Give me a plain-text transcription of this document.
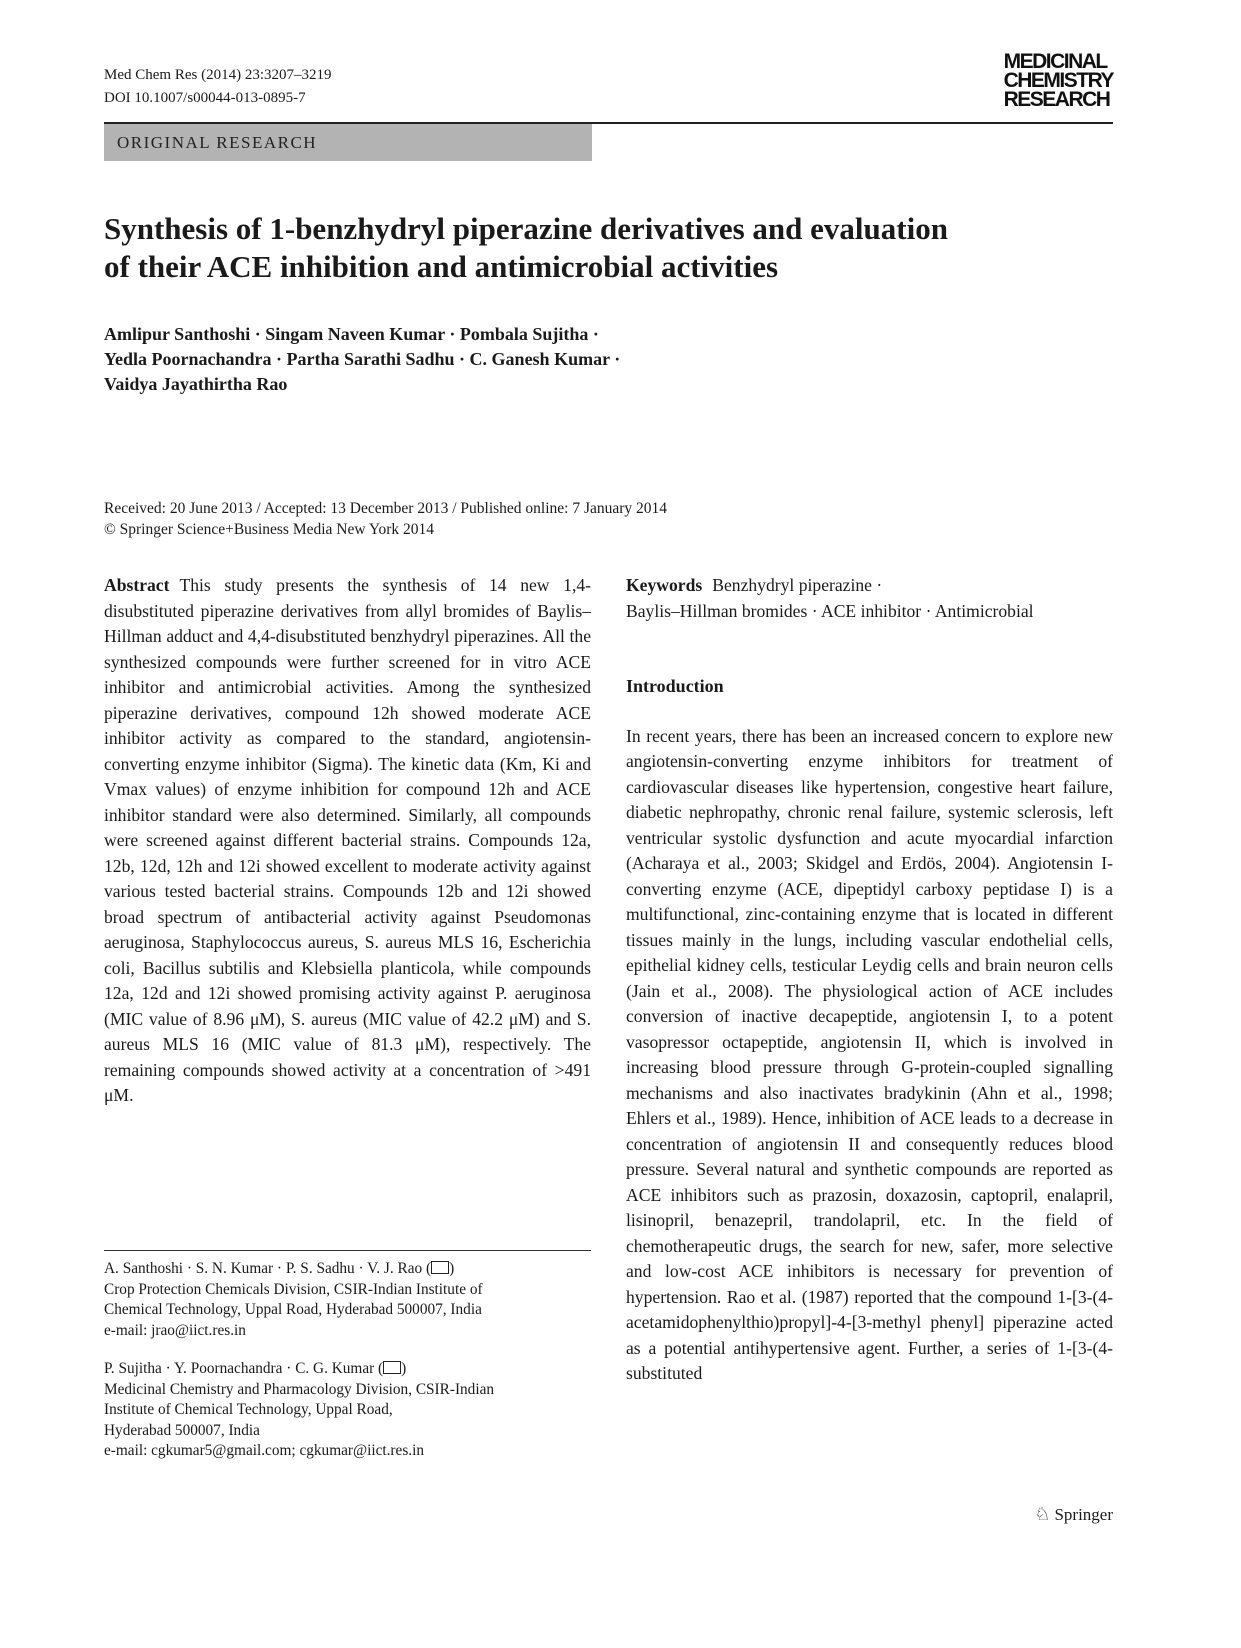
Med Chem Res (2014) 23:3207–3219
DOI 10.1007/s00044-013-0895-7
MEDICINAL
CHEMISTRY
RESEARCH
ORIGINAL RESEARCH
Synthesis of 1-benzhydryl piperazine derivatives and evaluation
of their ACE inhibition and antimicrobial activities
Amlipur Santhoshi · Singam Naveen Kumar · Pombala Sujitha ·
Yedla Poornachandra · Partha Sarathi Sadhu · C. Ganesh Kumar ·
Vaidya Jayathirtha Rao
Received: 20 June 2013 / Accepted: 13 December 2013 / Published online: 7 January 2014
© Springer Science+Business Media New York 2014

Abstract This study presents the synthesis of 14 new 1,4-disubstituted piperazine derivatives from allyl bromides of Baylis–Hillman adduct and 4,4-disubstituted benzhydryl piperazines. All the synthesized compounds were further screened for in vitro ACE inhibitor and antimicrobial activities. Among the synthesized piperazine derivatives, compound 12h showed moderate ACE inhibitor activity as compared to the standard, angiotensin-converting enzyme inhibitor (Sigma). The kinetic data (Km, Ki and Vmax values) of enzyme inhibition for compound 12h and ACE inhibitor standard were also determined. Similarly, all compounds were screened against different bacterial strains. Compounds 12a, 12b, 12d, 12h and 12i showed excellent to moderate activity against various tested bacterial strains. Compounds 12b and 12i showed broad spectrum of antibacterial activity against Pseudomonas aeruginosa, Staphylococcus aureus, S. aureus MLS 16, Escherichia coli, Bacillus subtilis and Klebsiella planticola, while compounds 12a, 12d and 12i showed promising activity against P. aeruginosa (MIC value of 8.96 μM), S. aureus (MIC value of 42.2 μM) and S. aureus MLS 16 (MIC value of 81.3 μM), respectively. The remaining compounds showed activity at a concentration of >491 μM.

A. Santhoshi · S. N. Kumar · P. S. Sadhu · V. J. Rao ( )
Crop Protection Chemicals Division, CSIR-Indian Institute of
Chemical Technology, Uppal Road, Hyderabad 500007, India
e-mail: jrao@iict.res.in
P. Sujitha · Y. Poornachandra · C. G. Kumar ( )
Medicinal Chemistry and Pharmacology Division, CSIR-Indian
Institute of Chemical Technology, Uppal Road,
Hyderabad 500007, India
e-mail: cgkumar5@gmail.com; cgkumar@iict.res.in

Keywords Benzhydryl piperazine ·
Baylis–Hillman bromides · ACE inhibitor · Antimicrobial

Introduction

In recent years, there has been an increased concern to explore new angiotensin-converting enzyme inhibitors for treatment of cardiovascular diseases like hypertension, congestive heart failure, diabetic nephropathy, chronic renal failure, systemic sclerosis, left ventricular systolic dysfunction and acute myocardial infarction (Acharaya et al., 2003; Skidgel and Erdös, 2004). Angiotensin I-converting enzyme (ACE, dipeptidyl carboxy peptidase I) is a multifunctional, zinc-containing enzyme that is located in different tissues mainly in the lungs, including vascular endothelial cells, epithelial kidney cells, testicular Leydig cells and brain neuron cells (Jain et al., 2008). The physiological action of ACE includes conversion of inactive decapeptide, angiotensin I, to a potent vasopressor octapeptide, angiotensin II, which is involved in increasing blood pressure through G-protein-coupled signalling mechanisms and also inactivates bradykinin (Ahn et al., 1998; Ehlers et al., 1989). Hence, inhibition of ACE leads to a decrease in concentration of angiotensin II and consequently reduces blood pressure. Several natural and synthetic compounds are reported as ACE inhibitors such as prazosin, doxazosin, captopril, enalapril, lisinopril, benazepril, trandolapril, etc. In the field of chemotherapeutic drugs, the search for new, safer, more selective and low-cost ACE inhibitors is necessary for prevention of hypertension. Rao et al. (1987) reported that the compound 1-[3-(4-acetamidophenylthio)propyl]-4-[3-methyl phenyl] piperazine acted as a potential antihypertensive agent. Further, a series of 1-[3-(4-substituted

♘ Springer
